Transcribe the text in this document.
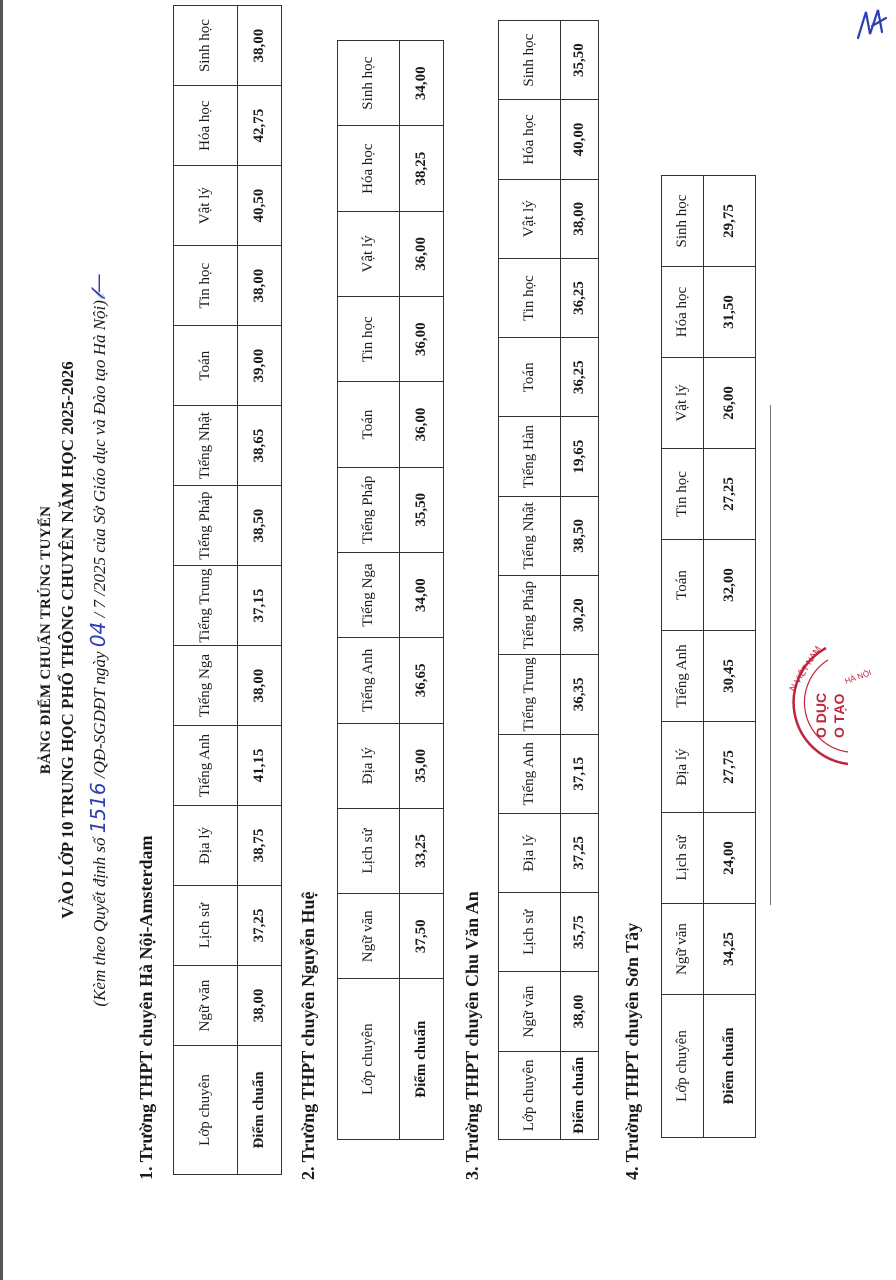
BẢNG ĐIỂM CHUẨN TRÚNG TUYỂN VÀO LỚP 10 TRUNG HỌC PHỔ THÔNG CHUYÊN NĂM HỌC 2025-2026
(Kèm theo Quyết định số 1516 /QĐ-SGDĐT ngày 04 / 7 /2025 của Sở Giáo dục và Đào tạo Hà Nội)𝓁—
1. Trường THPT chuyên Hà Nội-Amsterdam	Lớp chuyên	Ngữ văn	Lịch sử	Địa lý	Tiếng Anh	Tiếng Nga	Tiếng Trung	Tiếng Pháp	Tiếng Nhật	Toán	Tin học	Vật lý	Hóa học	Sinh học
Điểm chuẩn	38,00	37,25	38,75	41,15	38,00	37,15	38,50	38,65	39,00	38,00	40,50	42,75	38,00
2. Trường THPT chuyên Nguyễn Huệ	Lớp chuyên	Ngữ văn	Lịch sử	Địa lý	Tiếng Anh	Tiếng Nga	Tiếng Pháp	Toán	Tin học	Vật lý	Hóa học	Sinh học
Điểm chuẩn	37,50	33,25	35,00	36,65	34,00	35,50	36,00	36,00	36,00	38,25	34,00
3. Trường THPT chuyên Chu Văn An	Lớp chuyên	Ngữ văn	Lịch sử	Địa lý	Tiếng Anh	Tiếng Trung	Tiếng Pháp	Tiếng Nhật	Tiếng Hàn	Toán	Tin học	Vật lý	Hóa học	Sinh học
Điểm chuẩn	38,00	35,75	37,25	37,15	36,35	30,20	38,50	19,65	36,25	36,25	38,00	40,00	35,50
4. Trường THPT chuyên Sơn Tây Lớp chuyên	Ngữ văn	Lịch sử	Địa lý	Tiếng Anh	Toán	Tin học	Vật lý	Hóa học	Sinh học
Điểm chuẩn	34,25	24,00	27,75	30,45	32,00	27,25	26,00	31,50	29,75
N VIỆT NAM	HÀ NỘI
O DỤC O TẠO
